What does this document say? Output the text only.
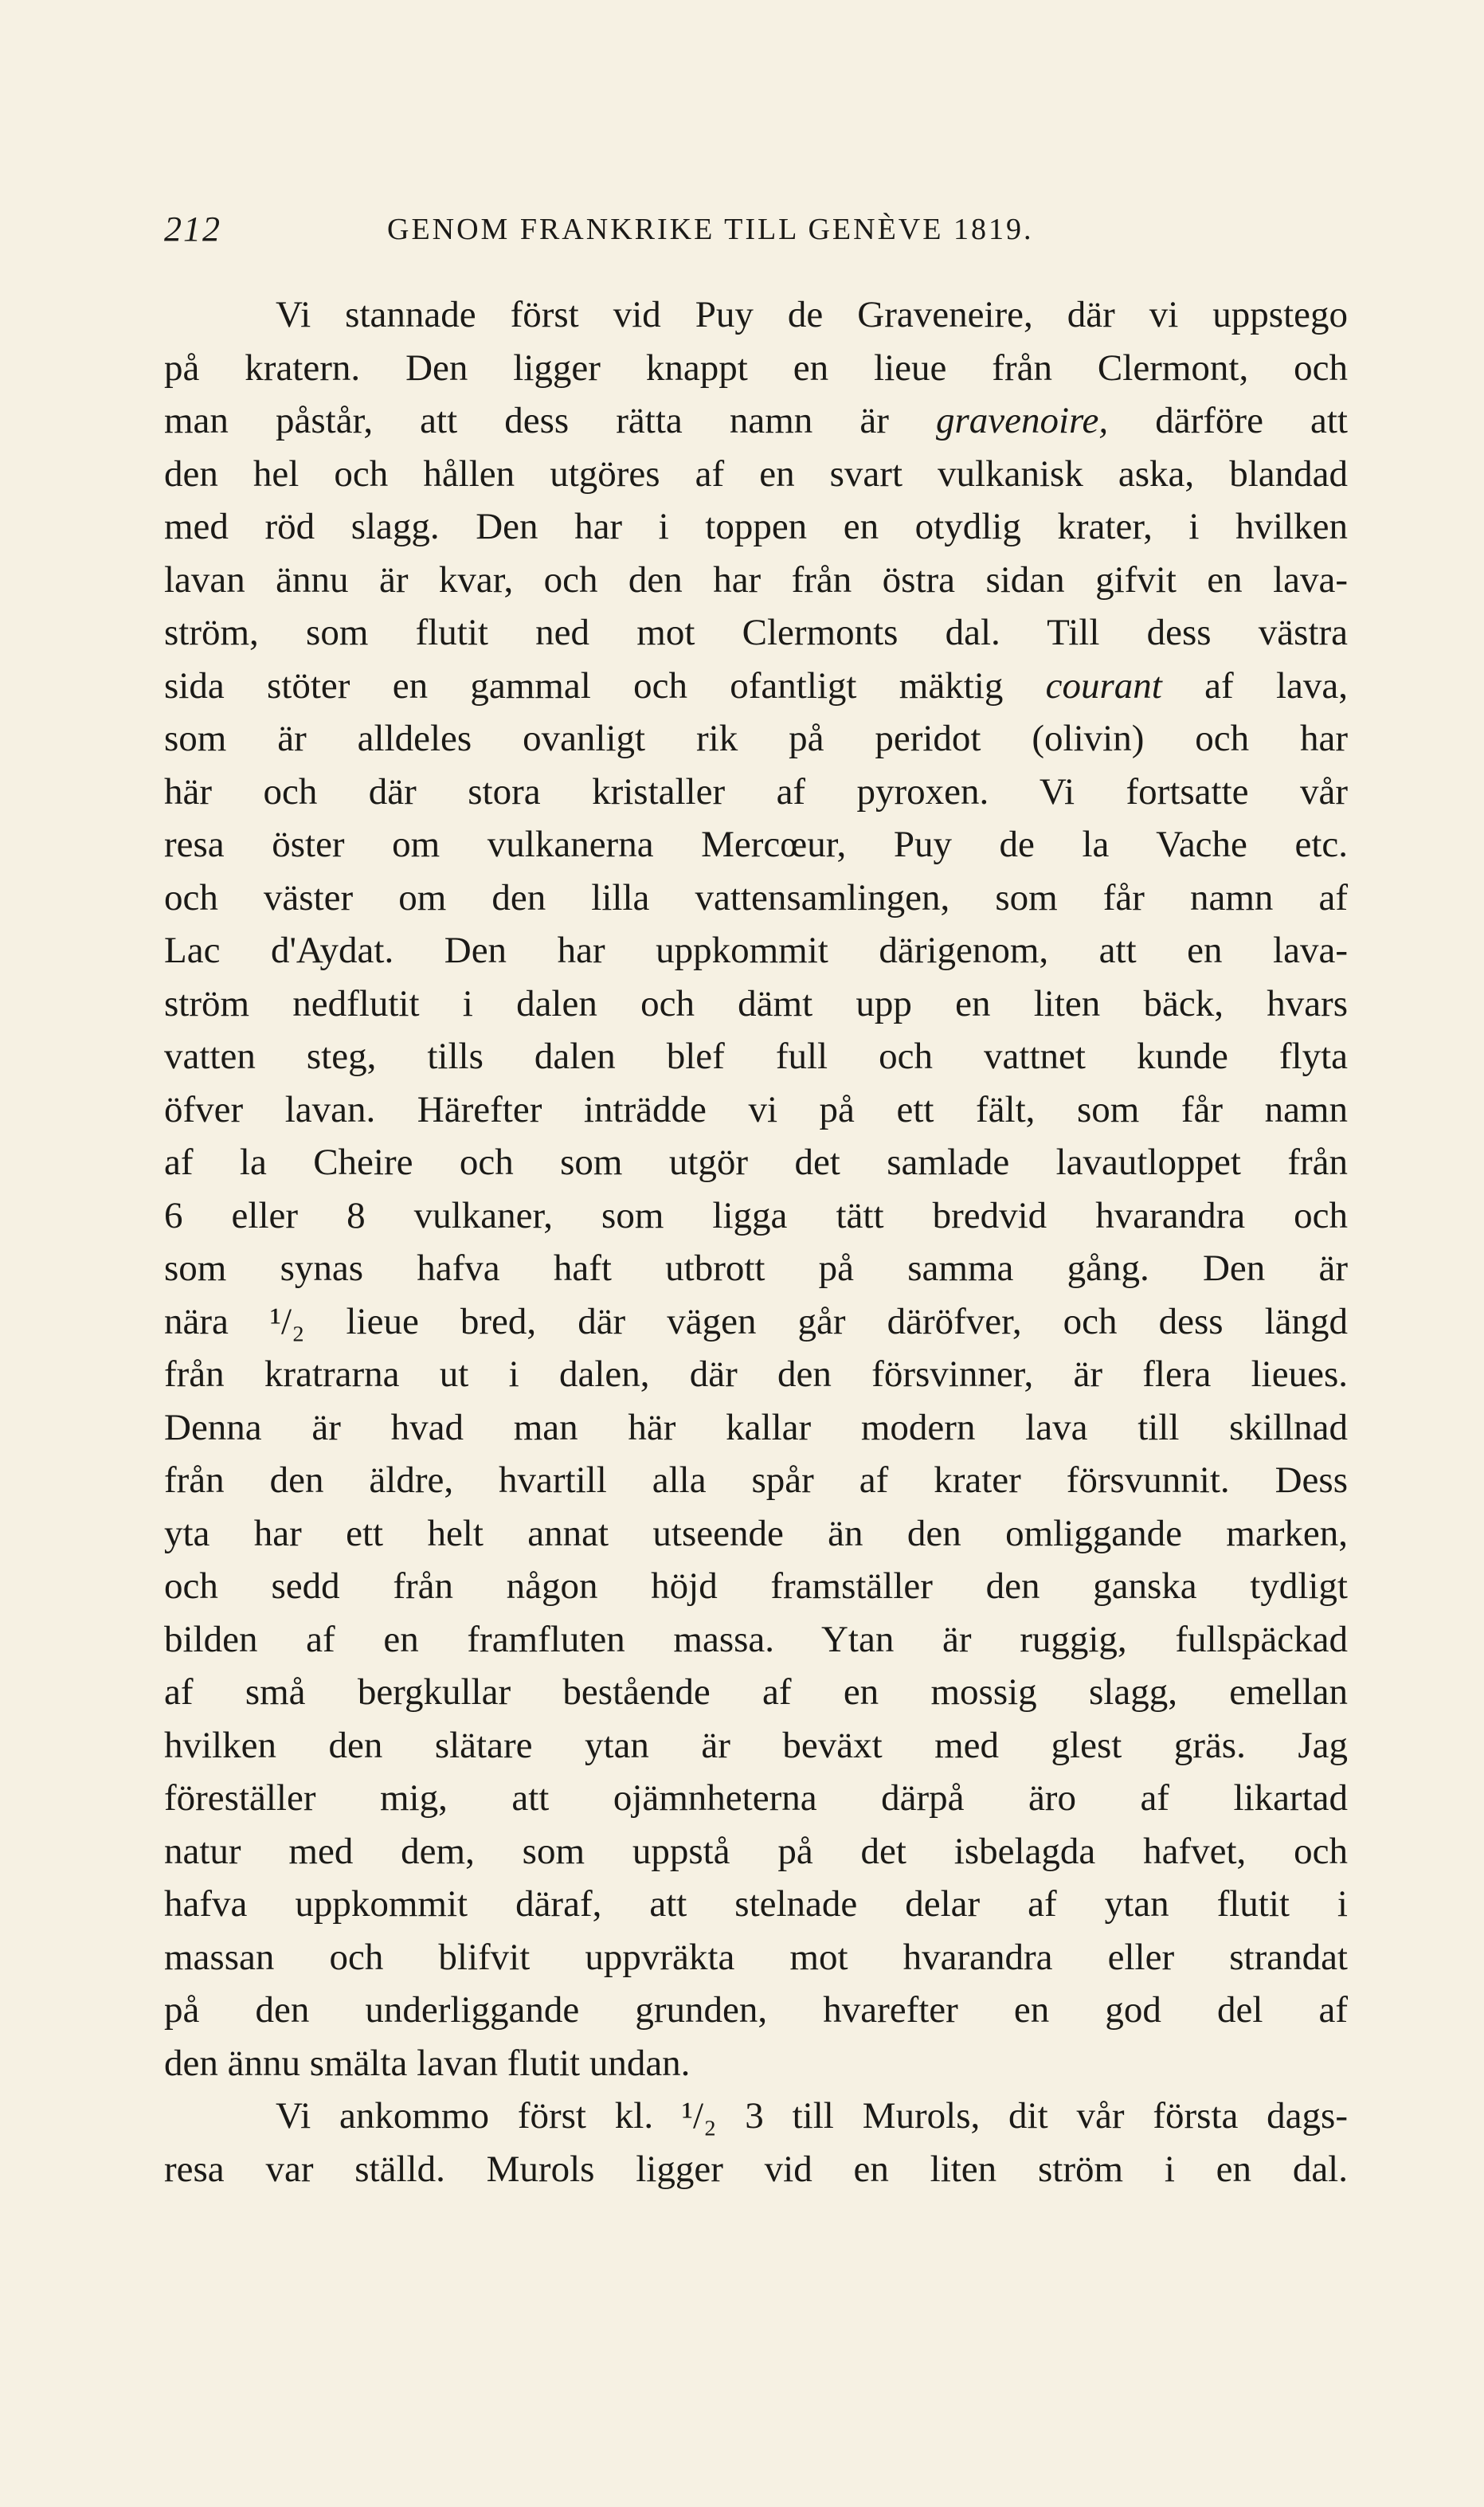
212	GENOM FRANKRIKE TILL GENÈVE 1819.
Vi stannade först vid Puy de Graveneire, där vi uppstego
på kratern. Den ligger knappt en lieue från Clermont, och
man påstår, att dess rätta namn är gravenoire, därföre att
den hel och hållen utgöres af en svart vulkanisk aska, blandad
med röd slagg. Den har i toppen en otydlig krater, i hvilken
lavan ännu är kvar, och den har från östra sidan gifvit en lava-
ström, som flutit ned mot Clermonts dal. Till dess västra
sida stöter en gammal och ofantligt mäktig courant af lava,
som är alldeles ovanligt rik på peridot (olivin) och har
här och där stora kristaller af pyroxen. Vi fortsatte vår
resa öster om vulkanerna Mercœur, Puy de la Vache etc.
och väster om den lilla vattensamlingen, som får namn af
Lac d'Aydat. Den har uppkommit därigenom, att en lava-
ström nedflutit i dalen och dämt upp en liten bäck, hvars
vatten steg, tills dalen blef full och vattnet kunde flyta
öfver lavan. Härefter inträdde vi på ett fält, som får namn
af la Cheire och som utgör det samlade lavautloppet från
6 eller 8 vulkaner, som ligga tätt bredvid hvarandra och
som synas hafva haft utbrott på samma gång. Den är
nära ¹/₂ lieue bred, där vägen går däröfver, och dess längd
från kratrarna ut i dalen, där den försvinner, är flera lieues.
Denna är hvad man här kallar modern lava till skillnad
från den äldre, hvartill alla spår af krater försvunnit. Dess
yta har ett helt annat utseende än den omliggande marken,
och sedd från någon höjd framställer den ganska tydligt
bilden af en framfluten massa. Ytan är ruggig, fullspäckad
af små bergkullar bestående af en mossig slagg, emellan
hvilken den slätare ytan är beväxt med glest gräs. Jag
föreställer mig, att ojämnheterna därpå äro af likartad
natur med dem, som uppstå på det isbelagda hafvet, och
hafva uppkommit däraf, att stelnade delar af ytan flutit i
massan och blifvit uppvräkta mot hvarandra eller strandat
på den underliggande grunden, hvarefter en god del af
den ännu smälta lavan flutit undan.
Vi ankommo först kl. ¹/₂ 3 till Murols, dit vår första dags-
resa var ställd. Murols ligger vid en liten ström i en dal.
